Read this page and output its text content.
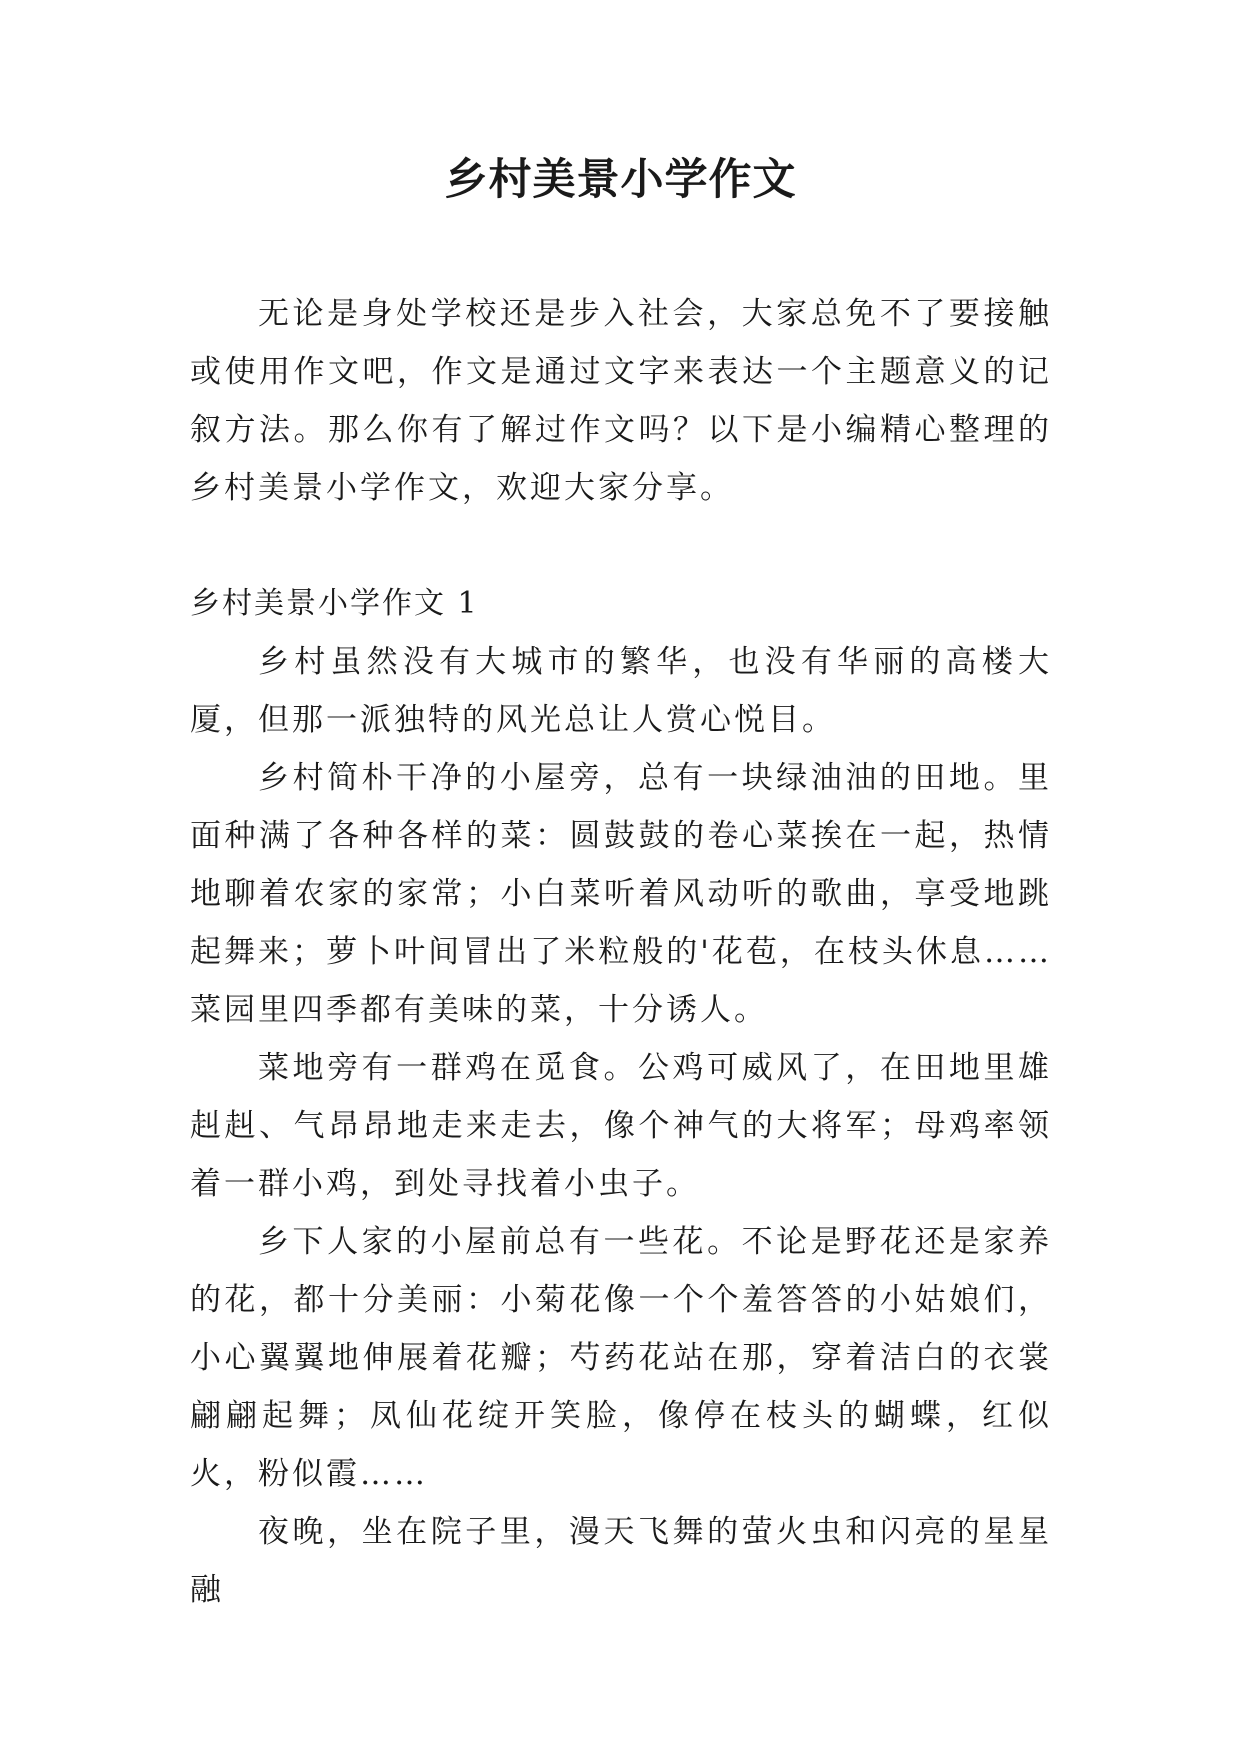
乡村美景小学作文

无论是身处学校还是步入社会，大家总免不了要接触或使用作文吧，作文是通过文字来表达一个主题意义的记叙方法。那么你有了解过作文吗？以下是小编精心整理的乡村美景小学作文，欢迎大家分享。

乡村美景小学作文 1

乡村虽然没有大城市的繁华，也没有华丽的高楼大厦，但那一派独特的风光总让人赏心悦目。

乡村简朴干净的小屋旁，总有一块绿油油的田地。里面种满了各种各样的菜：圆鼓鼓的卷心菜挨在一起，热情地聊着农家的家常；小白菜听着风动听的歌曲，享受地跳起舞来；萝卜叶间冒出了米粒般的'花苞，在枝头休息……菜园里四季都有美味的菜，十分诱人。

菜地旁有一群鸡在觅食。公鸡可威风了，在田地里雄赳赳、气昂昂地走来走去，像个神气的大将军；母鸡率领着一群小鸡，到处寻找着小虫子。

乡下人家的小屋前总有一些花。不论是野花还是家养的花，都十分美丽：小菊花像一个个羞答答的小姑娘们，小心翼翼地伸展着花瓣；芍药花站在那，穿着洁白的衣裳翩翩起舞；凤仙花绽开笑脸，像停在枝头的蝴蝶，红似火，粉似霞……

夜晚，坐在院子里，漫天飞舞的萤火虫和闪亮的星星融
